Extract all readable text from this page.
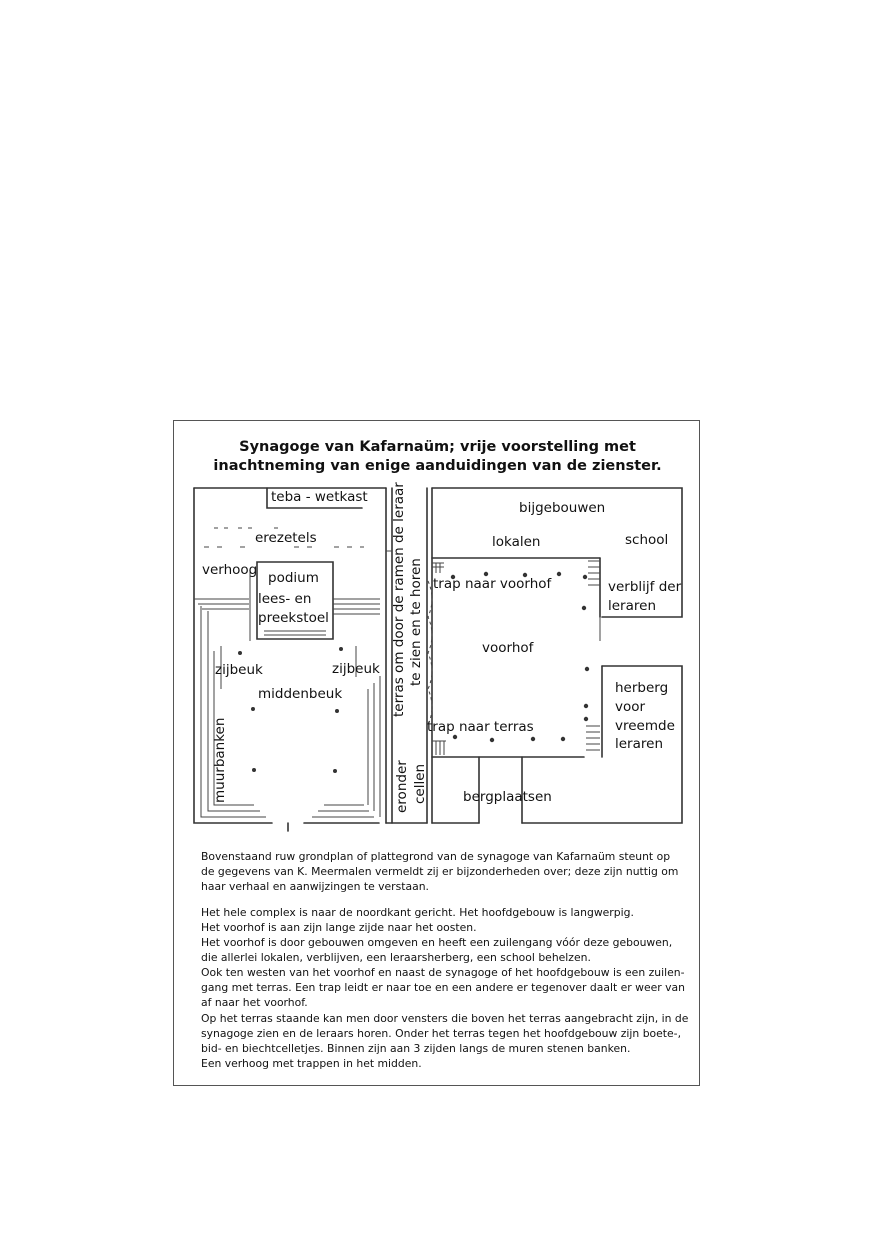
Synagoge van Kafarnaüm; vrije voorstelling met
inachtneming van enige aanduidingen van de zienster.
teba - wetkast
erezetels
verhoog podium
lees- en
preekstoel
zijbeuk	zijbeuk
middenbeuk
muurbanken
terras om door de ramen de leraar te zien en te horen
bijgebouwen
lokalen	school
trap naar voorhof	verblijf der
leraren
voorhof
herberg
voor
vreemde
leraren
trap naar terras
eronder cellen	bergplaatsen

Bovenstaand ruw grondplan of plattegrond van de synagoge van Kafarnaüm steunt op

de gegevens van K. Meermalen vermeldt zij er bijzonderheden over; deze zijn nuttig om

haar verhaal en aanwijzingen te verstaan.

Het hele complex is naar de noordkant gericht. Het hoofdgebouw is langwerpig.

Het voorhof is aan zijn lange zijde naar het oosten.

Het voorhof is door gebouwen omgeven en heeft een zuilengang vóór deze gebouwen,

die allerlei lokalen, verblijven, een leraarsherberg, een school behelzen.

Ook ten westen van het voorhof en naast de synagoge of het hoofdgebouw is een zuilen-

gang met terras. Een trap leidt er naar toe en een andere er tegenover daalt er weer van

af naar het voorhof.

Op het terras staande kan men door vensters die boven het terras aangebracht zijn, in de

synagoge zien en de leraars horen. Onder het terras tegen het hoofdgebouw zijn boete-,

bid- en biechtcelletjes. Binnen zijn aan 3 zijden langs de muren stenen banken.

Een verhoog met trappen in het midden.
